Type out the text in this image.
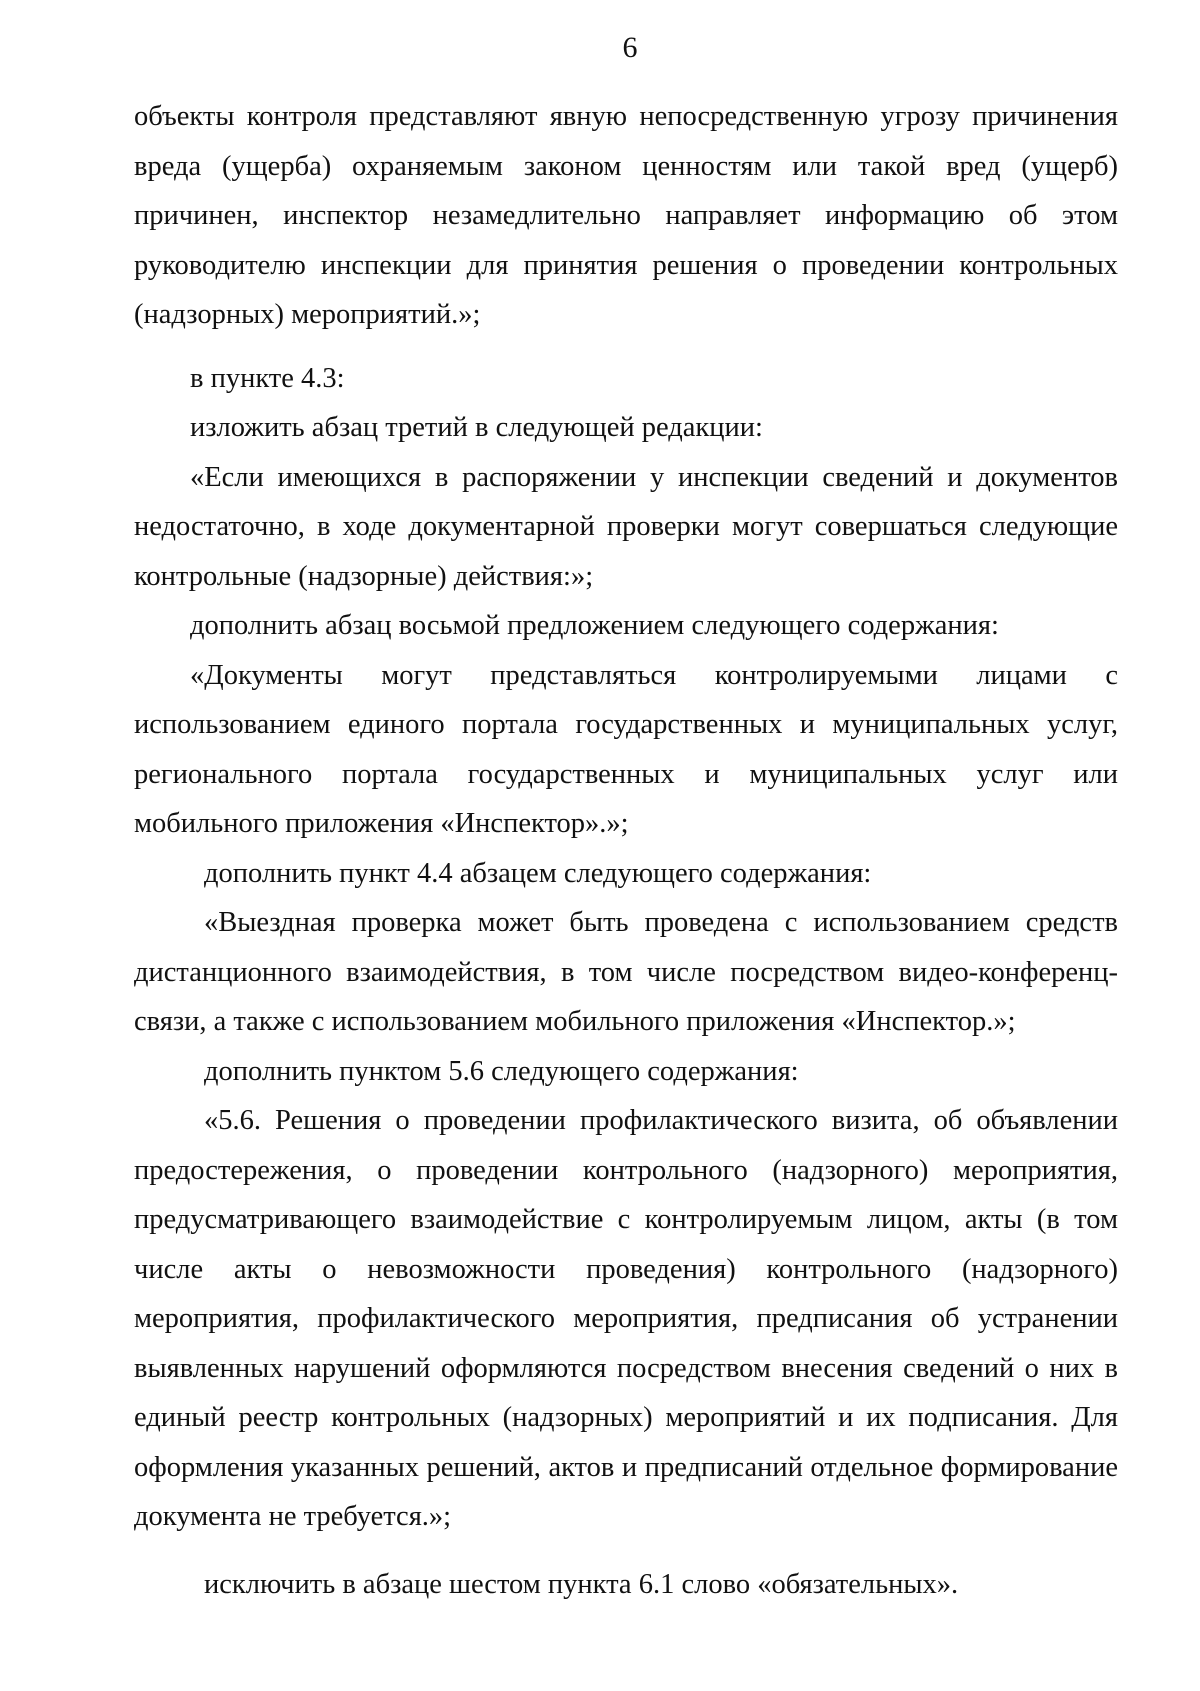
6

объекты контроля представляют явную непосредственную угрозу причинения вреда (ущерба) охраняемым законом ценностям или такой вред (ущерб) причинен, инспектор незамедлительно направляет информацию об этом руководителю инспекции для принятия решения о проведении контрольных (надзорных) мероприятий.»;

в пункте 4.3:

изложить абзац третий в следующей редакции:

«Если имеющихся в распоряжении у инспекции сведений и документов недостаточно, в ходе документарной проверки могут совершаться следующие контрольные (надзорные) действия:»;

дополнить абзац восьмой предложением следующего содержания:

«Документы могут представляться контролируемыми лицами с использованием единого портала государственных и муниципальных услуг, регионального портала государственных и муниципальных услуг или мобильного приложения «Инспектор».»;

дополнить пункт 4.4 абзацем следующего содержания:

«Выездная проверка может быть проведена с использованием средств дистанционного взаимодействия, в том числе посредством видео-конференц-связи, а также с использованием мобильного приложения «Инспектор.»;

дополнить пунктом 5.6 следующего содержания:

«5.6. Решения о проведении профилактического визита, об объявлении предостережения, о проведении контрольного (надзорного) мероприятия, предусматривающего взаимодействие с контролируемым лицом, акты (в том числе акты о невозможности проведения) контрольного (надзорного) мероприятия, профилактического мероприятия, предписания об устранении выявленных нарушений оформляются посредством внесения сведений о них в единый реестр контрольных (надзорных) мероприятий и их подписания. Для оформления указанных решений, актов и предписаний отдельное формирование документа не требуется.»;

исключить в абзаце шестом пункта 6.1 слово «обязательных».
